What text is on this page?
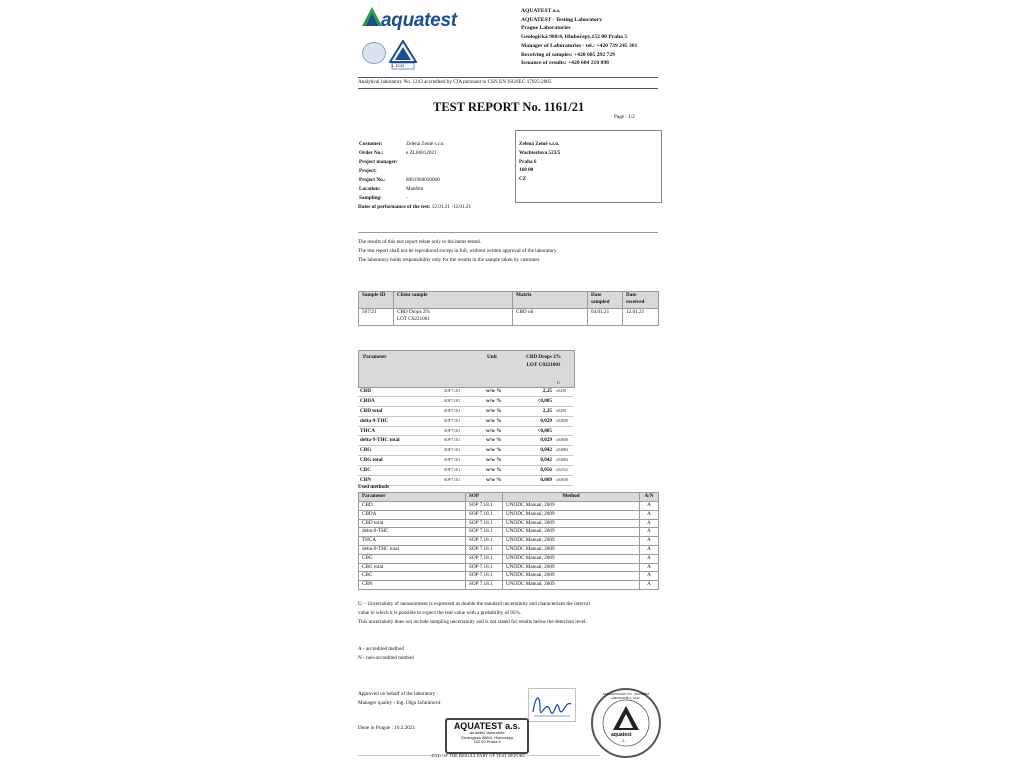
aquatest	AQUATEST a.s.
AQUATEST - Testing Laboratory
Prague Laboratories
Geologická 988/4, Hlubočepy,152 00 Praha 5
Manager of Laboratories - tel.: +420 739 245 361
Receiving of samples: +420 605 292 729
Issuance of results: +420 604 210 898
L 1243
Analytical laboratory No. 1243 accredited by CIA pursuant to CSN EN ISO/IEC 17025:2005
TEST REPORT No. 1161/21
Page : 1/2
Customer:	Zelená Země s.r.o.
Order No.:	e ZL06012021
Project manager:	
Project:	
Project No.:	8061960030000
Location:	Manětín
Sampling:	-
Dates of performance of the test: 12.01.21 -12.01.21
Zelená Země s.r.o.
Wachterlova 523/5
Praha 6
160 00
CZ
The results of this test report relate only to the items tested.
The test report shall not be reproduced except in full, without written approval of the laboratory.
The laboratory holds responsibility only for the results in the sample taken by customer.
Sample ID	Client sample	Matrix	Date sampled	Date received
507/21	CBD Drops 2%
LOT C0221001	CBD oil	04.01.21	12.01.21
Parameter	Unit	CBD Drops 2%
LOT C0221001
U
CBD	SOP 7.18.1	w/w %	2,25	±0,450
CBDA	SOP 7.18.1	w/w %	<0,005	
CBD total	SOP 7.18.1	w/w %	2,25	±0,450
delta-9-THC	SOP 7.18.1	w/w %	0,029	±0,0058
THCA	SOP 7.18.1	w/w %	<0,005	
delta-9-THC total	SOP 7.18.1	w/w %	0,029	±0,0058
CBG	SOP 7.18.1	w/w %	0,042	±0,0084
CBG total	SOP 7.18.1	w/w %	0,042	±0,0084
CBC	SOP 7.18.1	w/w %	0,056	±0,0112
CBN	SOP 7.18.1	w/w %	0,009	±0,0018
Used methods
Parameter	SOP	Method	A/N
CBD	SOP 7.18.1	UNODC Manual, 2009	A
CBDA	SOP 7.18.1	UNODC Manual, 2009	A
CBD total	SOP 7.18.1	UNODC Manual, 2009	A
delta-9-THC	SOP 7.18.1	UNODC Manual, 2009	A
THCA	SOP 7.18.1	UNODC Manual, 2009	A
delta-9-THC total	SOP 7.18.1	UNODC Manual, 2009	A
CBG	SOP 7.18.1	UNODC Manual, 2009	A
CBG total	SOP 7.18.1	UNODC Manual, 2009	A
CBC	SOP 7.18.1	UNODC Manual, 2009	A
CBN	SOP 7.18.1	UNODC Manual, 2009	A
U. - Uncertainity of measurement is expressed as double the standard uncertainity and characterizes the interval
value in which it is possible to expect the real value with a probability of 95%.
This uncertainity does not include sampling uncertainity and is not stated for results below the detection level.
A - accredited method
N - non-accredited method
Approved on behalf of the laboratory :
Manager quality - Ing. Olga Jačaninová
Done in Prague : 16.2.2021	AQUATEST a.s.
zkušební laboratoře
Geologická 988/4, Hlubočepy
152 00 Praha 5
aquatest
-1-
AKREDITOVANÁ ČIA · ZKUŠEBNÍ LABORATOŘ č. 1243 ·
------------------------------------------------END OF THE RESULT PART OF TEST REPORT ------------------------------------------------
